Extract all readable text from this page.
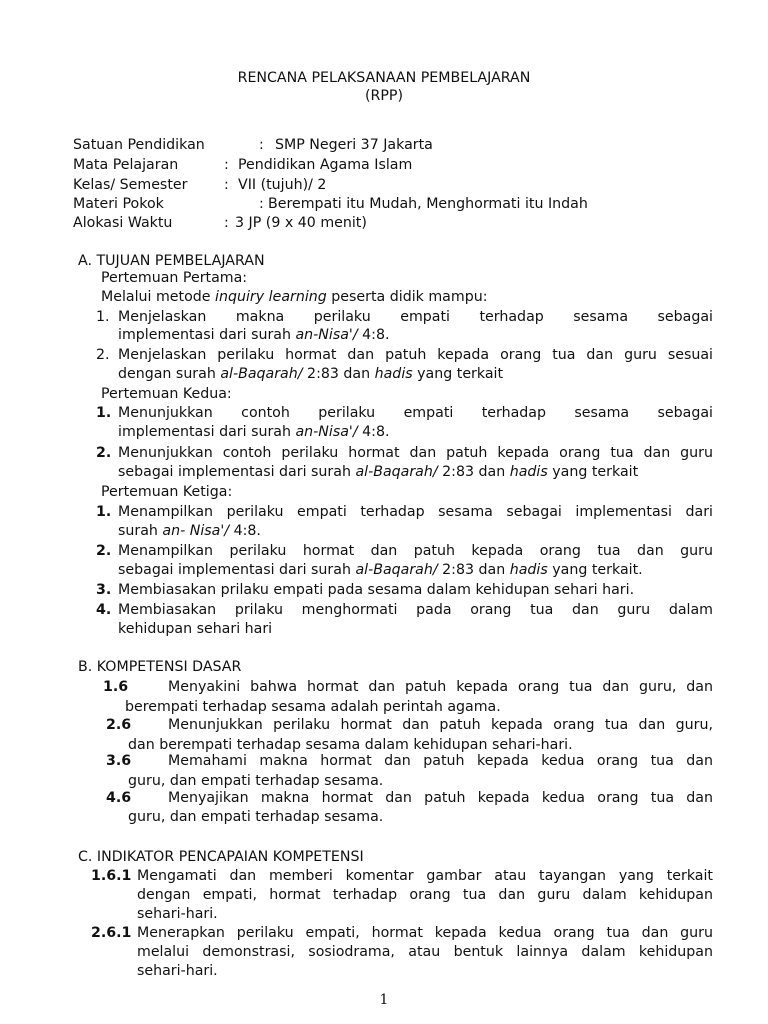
RENCANA PELAKSANAAN PEMBELAJARAN
(RPP)
Satuan Pendidikan	: SMP Negeri 37 Jakarta
Mata Pelajaran	: Pendidikan Agama Islam
Kelas/ Semester	: VII (tujuh)/ 2
Materi Pokok	: Berempati itu Mudah, Menghormati itu Indah
Alokasi Waktu	: 3 JP (9 x 40 menit)
A. TUJUAN PEMBELAJARAN
Pertemuan Pertama:
Melalui metode inquiry learning peserta didik mampu:
1. Menjelaskan makna perilaku empati terhadap sesama sebagai
implementasi dari surah an-Nisa'/ 4:8.
2. Menjelaskan perilaku hormat dan patuh kepada orang tua dan guru sesuai
dengan surah al-Baqarah/ 2:83 dan hadis yang terkait
Pertemuan Kedua:
1. Menunjukkan contoh perilaku empati terhadap sesama sebagai
implementasi dari surah an-Nisa'/ 4:8.
2. Menunjukkan contoh perilaku hormat dan patuh kepada orang tua dan guru
sebagai implementasi dari surah al-Baqarah/ 2:83 dan hadis yang terkait
Pertemuan Ketiga:
1. Menampilkan perilaku empati terhadap sesama sebagai implementasi dari
surah an- Nisa'/ 4:8.
2. Menampilkan perilaku hormat dan patuh kepada orang tua dan guru
sebagai implementasi dari surah al-Baqarah/ 2:83 dan hadis yang terkait.
3. Membiasakan prilaku empati pada sesama dalam kehidupan sehari hari.
4. Membiasakan prilaku menghormati pada orang tua dan guru dalam
kehidupan sehari hari
B. KOMPETENSI DASAR
1.6	Menyakini bahwa hormat dan patuh kepada orang tua dan guru, dan
berempati terhadap sesama adalah perintah agama.
2.6	Menunjukkan perilaku hormat dan patuh kepada orang tua dan guru,
dan berempati terhadap sesama dalam kehidupan sehari-hari.
3.6	Memahami makna hormat dan patuh kepada kedua orang tua dan
guru, dan empati terhadap sesama.
4.6	Menyajikan makna hormat dan patuh kepada kedua orang tua dan
guru, dan empati terhadap sesama.
C. INDIKATOR PENCAPAIAN KOMPETENSI
1.6.1 Mengamati dan memberi komentar gambar atau tayangan yang terkait
dengan empati, hormat terhadap orang tua dan guru dalam kehidupan
sehari-hari.
2.6.1 Menerapkan perilaku empati, hormat kepada kedua orang tua dan guru
melalui demonstrasi, sosiodrama, atau bentuk lainnya dalam kehidupan
sehari-hari.
1
